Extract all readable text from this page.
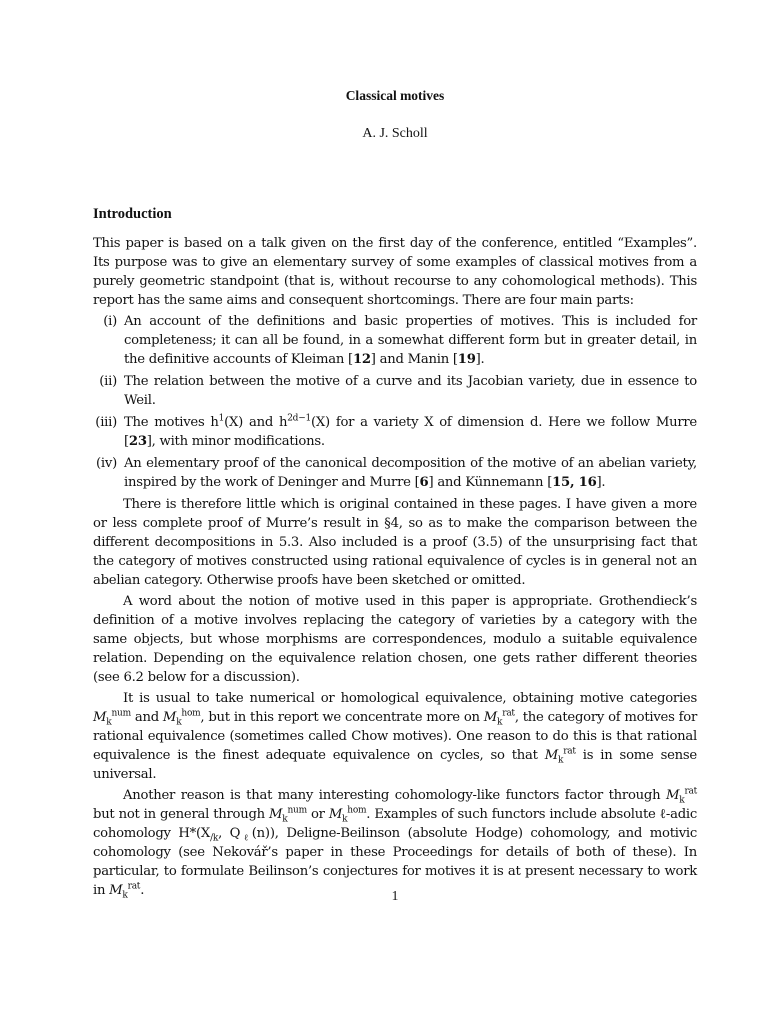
Classical motives
A. J. Scholl
Introduction

This paper is based on a talk given on the first day of the conference, entitled “Examples”. Its purpose was to give an elementary survey of some examples of classical motives from a purely geometric standpoint (that is, without recourse to any cohomological methods). This report has the same aims and consequent shortcomings. There are four main parts:

(i) An account of the definitions and basic properties of motives. This is included for completeness; it can all be found, in a somewhat different form but in greater detail, in the definitive accounts of Kleiman [12] and Manin [19].
(ii) The relation between the motive of a curve and its Jacobian variety, due in essence to Weil.
(iii) The motives $h^1(X)$ and $h^{2d-1}(X)$ for a variety X of dimension d. Here we follow Murre [23], with minor modifications.
(iv) An elementary proof of the canonical decomposition of the motive of an abelian variety, inspired by the work of Deninger and Murre [6] and Künnemann [15, 16].

There is therefore little which is original contained in these pages. I have given a more or less complete proof of Murre’s result in §4, so as to make the comparison between the different decompositions in 5.3. Also included is a proof (3.5) of the unsurprising fact that the category of motives constructed using rational equivalence of cycles is in general not an abelian category. Otherwise proofs have been sketched or omitted.

A word about the notion of motive used in this paper is appropriate. Grothendieck’s definition of a motive involves replacing the category of varieties by a category with the same objects, but whose morphisms are correspondences, modulo a suitable equivalence relation. Depending on the equivalence relation chosen, one gets rather different theories (see 6.2 below for a discussion).

It is usual to take numerical or homological equivalence, obtaining motive categories $M_k^{num}$ and $M_k^{hom}$, but in this report we concentrate more on $M_k^{rat}$, the category of motives for rational equivalence (sometimes called Chow motives). One reason to do this is that rational equivalence is the finest adequate equivalence on cycles, so that $M_k^{rat}$ is in some sense universal.

Another reason is that many interesting cohomology-like functors factor through $M_k^{rat}$ but not in general through $M_k^{num}$ or $M_k^{hom}$. Examples of such functors include absolute ℓ-adic cohomology $H*(X_{/k}$, $Q_\ell(n)$), Deligne-Beilinson (absolute Hodge) cohomology, and motivic cohomology (see Nekovář’s paper in these Proceedings for details of both of these). In particular, to formulate Beilinson’s conjectures for motives it is at present necessary to work in $M_k^{rat}$.	1
